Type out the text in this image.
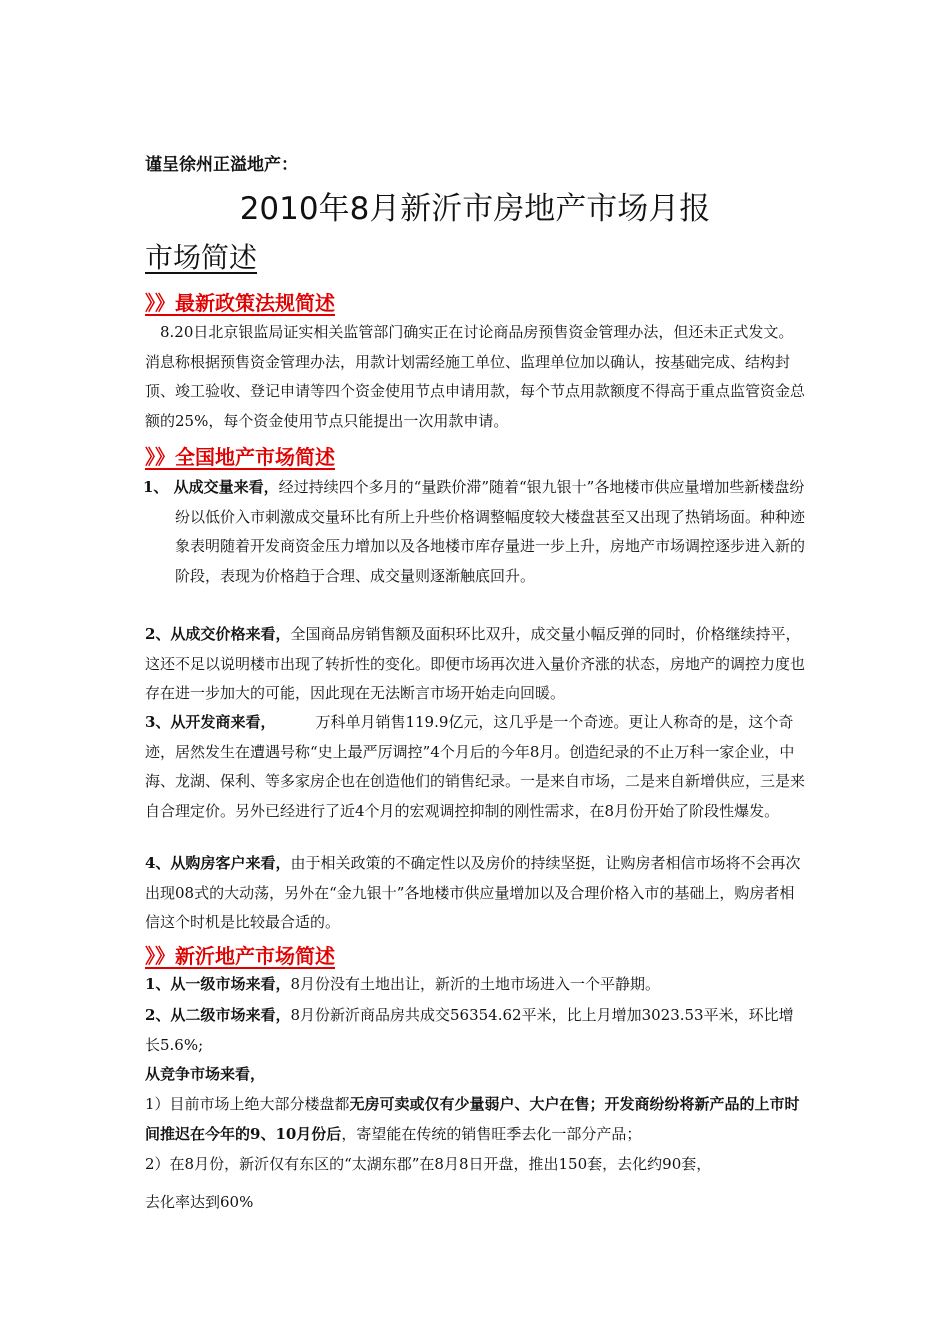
谨呈徐州正溢地产：
2010年8月新沂市房地产市场月报
市场简述
》》最新政策法规简述
8.20日北京银监局证实相关监管部门确实正在讨论商品房预售资金管理办法，但还未正式发文。消息称根据预售资金管理办法，用款计划需经施工单位、监理单位加以确认，按基础完成、结构封顶、竣工验收、登记申请等四个资金使用节点申请用款，每个节点用款额度不得高于重点监管资金总额的25%，每个资金使用节点只能提出一次用款申请。
》》全国地产市场简述
1、 从成交量来看，经过持续四个多月的“量跌价滞”随着“银九银十”各地楼市供应量增加些新楼盘纷纷以低价入市刺激成交量环比有所上升些价格调整幅度较大楼盘甚至又出现了热销场面。种种迹象表明随着开发商资金压力增加以及各地楼市库存量进一步上升，房地产市场调控逐步进入新的阶段，表现为价格趋于合理、成交量则逐渐触底回升。
2、从成交价格来看，全国商品房销售额及面积环比双升，成交量小幅反弹的同时，价格继续持平，这还不足以说明楼市出现了转折性的变化。即便市场再次进入量价齐涨的状态，房地产的调控力度也存在进一步加大的可能，因此现在无法断言市场开始走向回暖。
3、从开发商来看，	万科单月销售119.9亿元，这几乎是一个奇迹。更让人称奇的是，这个奇迹，居然发生在遭遇号称“史上最严厉调控”4个月后的今年8月。创造纪录的不止万科一家企业，中海、龙湖、保利、等多家房企也在创造他们的销售纪录。一是来自市场，二是来自新增供应，三是来自合理定价。另外已经进行了近4个月的宏观调控抑制的刚性需求，在8月份开始了阶段性爆发。
4、从购房客户来看，由于相关政策的不确定性以及房价的持续坚挺，让购房者相信市场将不会再次出现08式的大动荡，另外在“金九银十”各地楼市供应量增加以及合理价格入市的基础上，购房者相信这个时机是比较最合适的。
》》新沂地产市场简述
1、从一级市场来看，8月份没有土地出让，新沂的土地市场进入一个平静期。
2、从二级市场来看，8月份新沂商品房共成交56354.62平米，比上月增加3023.53平米，环比增长5.6%;
从竞争市场来看，
1）目前市场上绝大部分楼盘都无房可卖或仅有少量弱户、大户在售；开发商纷纷将新产品的上市时间推迟在今年的9、10月份后，寄望能在传统的销售旺季去化一部分产品；
2）在8月份，新沂仅有东区的“太湖东郡”在8月8日开盘，推出150套，去化约90套，
去化率达到60%
